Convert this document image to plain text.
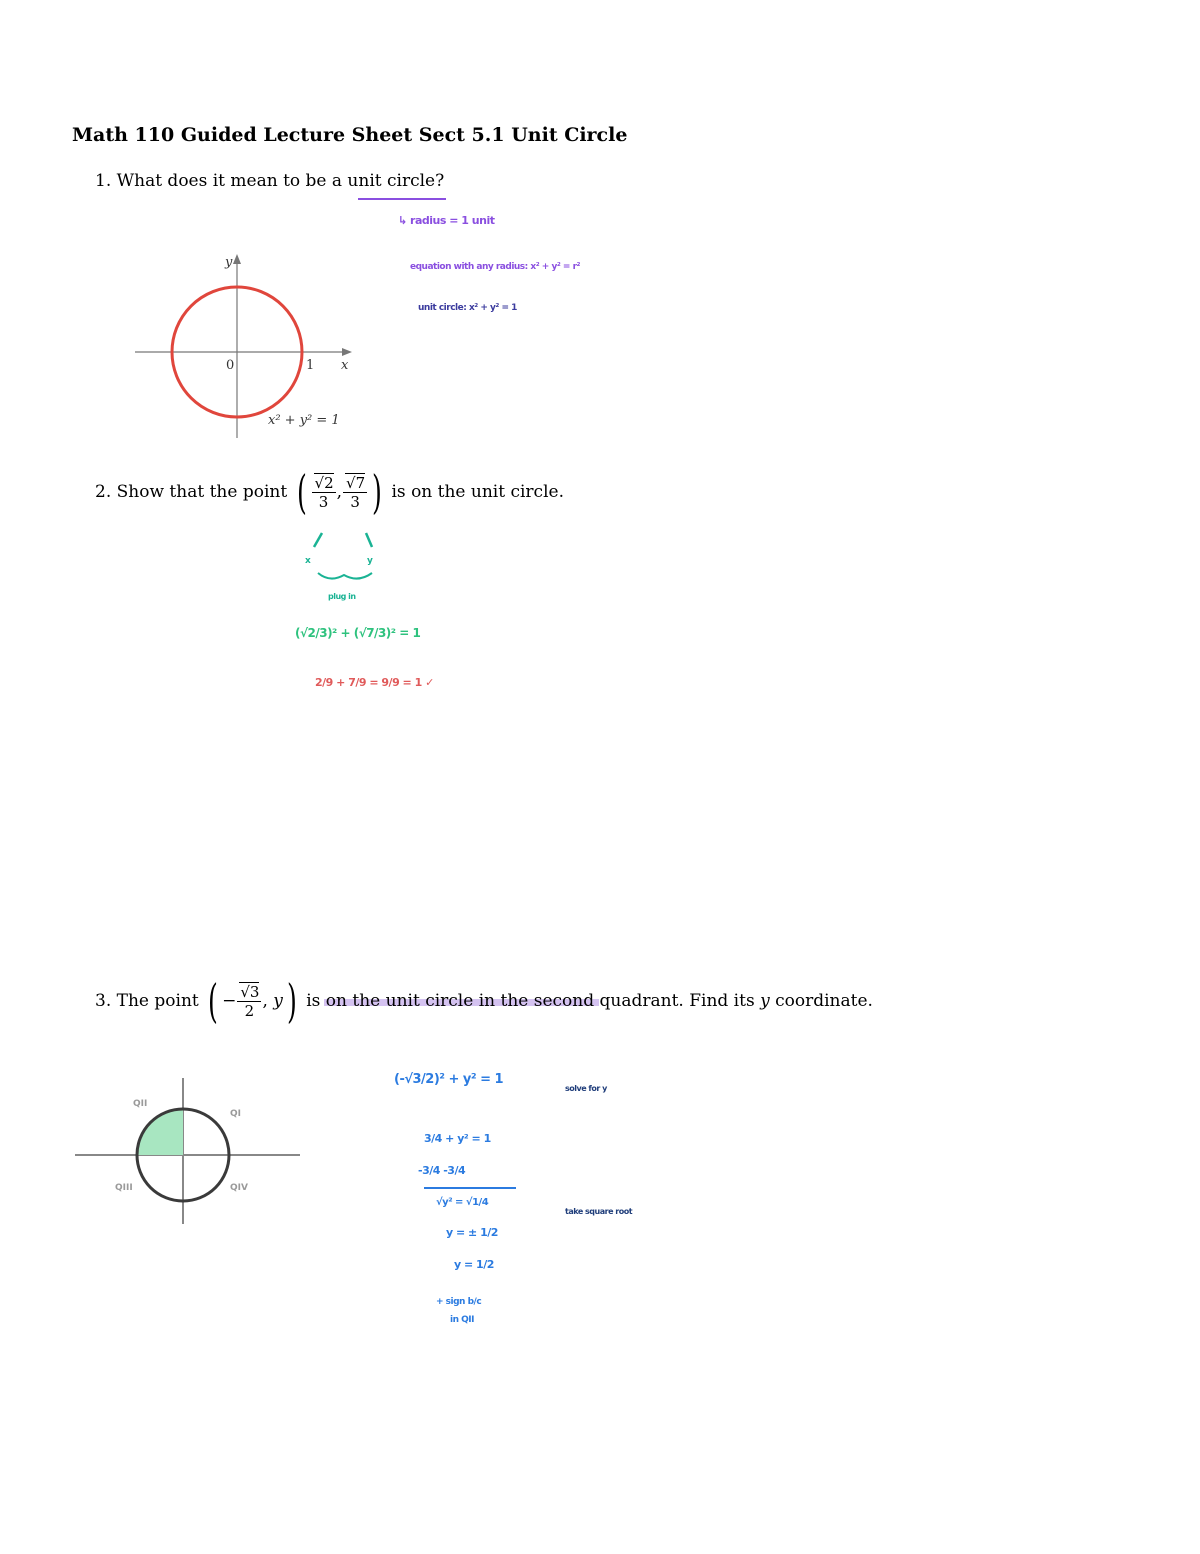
Math 110 Guided Lecture Sheet Sect 5.1 Unit Circle
1. What does it mean to be a unit circle?
y
x
0	1
x² + y² = 1
↳ radius = 1 unit
equation with any radius: x² + y² = r²
unit circle: x² + y² = 1
2.
Show that the point
( $\frac{√2}{3}$ , $\frac{√7}{3}$ )
is on the unit circle.
x	y
plug in
(√2/3)² + (√7/3)² = 1
2/9 + 7/9 = 9/9 = 1 ✓
3.
The point
( − $\frac{√3}{2}$ , y )
is on the unit circle in the second quadrant. Find its
y
coordinate.
QII
QI
QIII	QIV
(-√3/2)² + y² = 1
solve for y
3/4 + y² = 1
-3/4 -3/4
√y² = √1/4
take square root
y = ± 1/2
y = 1/2
+ sign b/c
in QII
